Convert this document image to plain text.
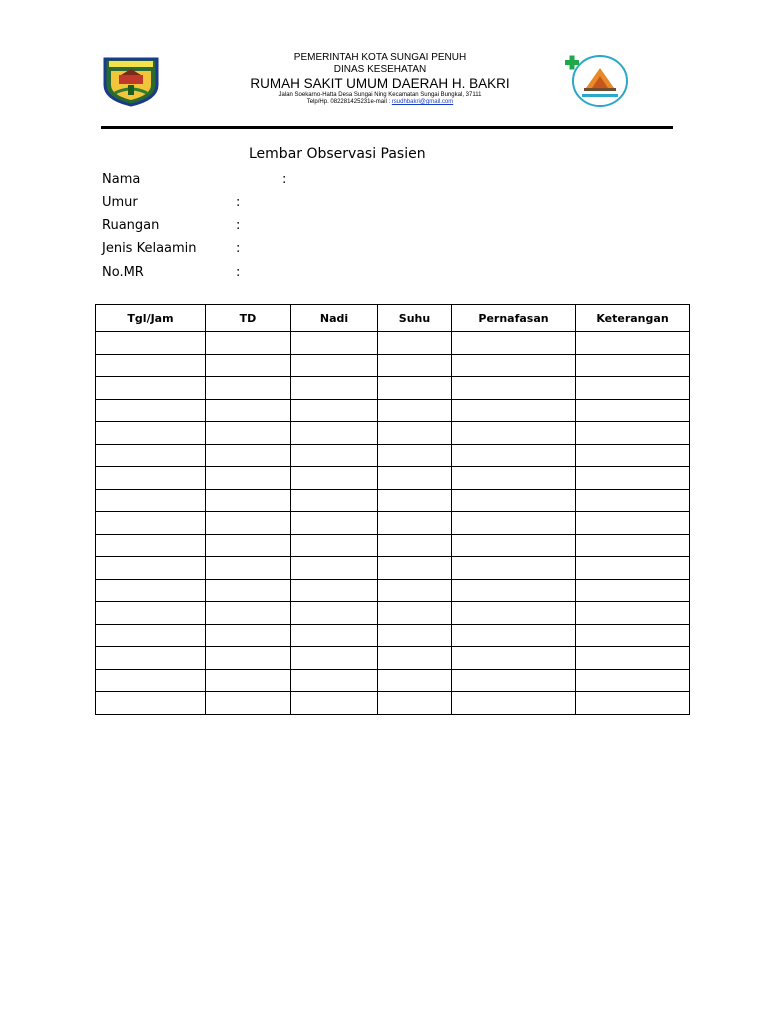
PEMERINTAH KOTA SUNGAI PENUH
DINAS KESEHATAN
RUMAH SAKIT UMUM DAERAH H. BAKRI
Jalan Soekarno-Hatta Desa Sungai Ning Kecamatan Sungai Bungkal, 37111
Telp/Hp. 082281425231e-mail : rsudhbakri@gmail.com
Lembar Observasi Pasien
Nama	:
Umur	:
Ruangan	:
Jenis Kelaamin	:
No.MR	:
Tgl/Jam	TD	Nadi	Suhu	Pernafasan	Keterangan
